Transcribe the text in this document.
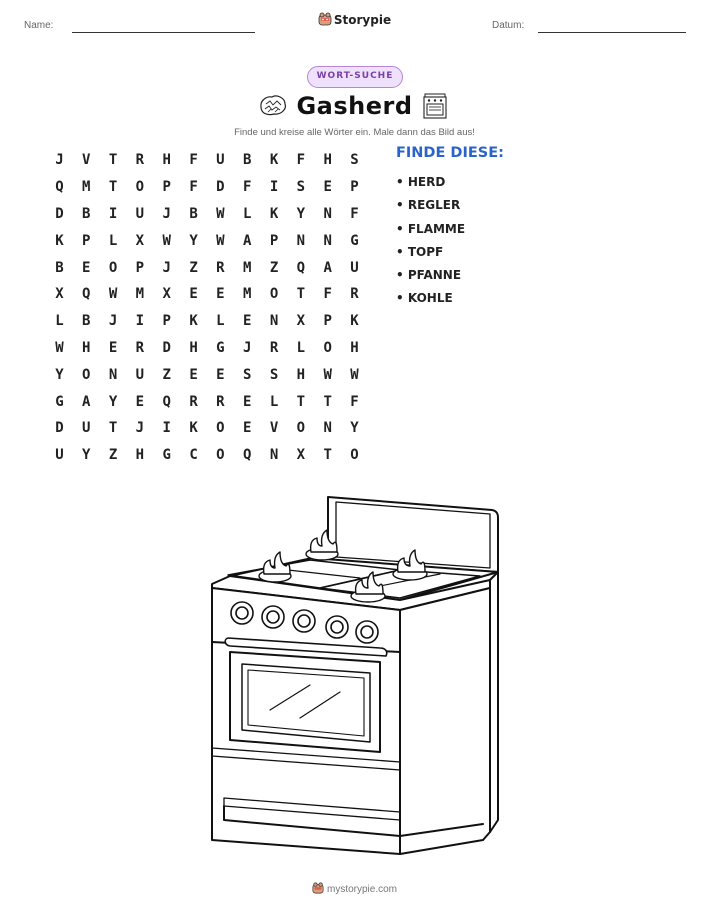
Name:	Storypie	Datum:
WORT-SUCHE
Gasherd
Finde und kreise alle Wörter ein. Male dann das Bild aus!
J	V	T	R	H	F	U	B	K	F	H	S
Q	M	T	O	P	F	D	F	I	S	E	P
D	B	I	U	J	B	W	L	K	Y	N	F
K	P	L	X	W	Y	W	A	P	N	N	G
B	E	O	P	J	Z	R	M	Z	Q	A	U
X	Q	W	M	X	E	E	M	O	T	F	R
L	B	J	I	P	K	L	E	N	X	P	K
W	H	E	R	D	H	G	J	R	L	O	H
Y	O	N	U	Z	E	E	S	S	H	W	W
G	A	Y	E	Q	R	R	E	L	T	T	F
D	U	T	J	I	K	O	E	V	O	N	Y
U	Y	Z	H	G	C	O	Q	N	X	T	O
FINDE DIESE:
• HERD
• REGLER
• FLAMME
• TOPF
• PFANNE
• KOHLE
mystorypie.com
